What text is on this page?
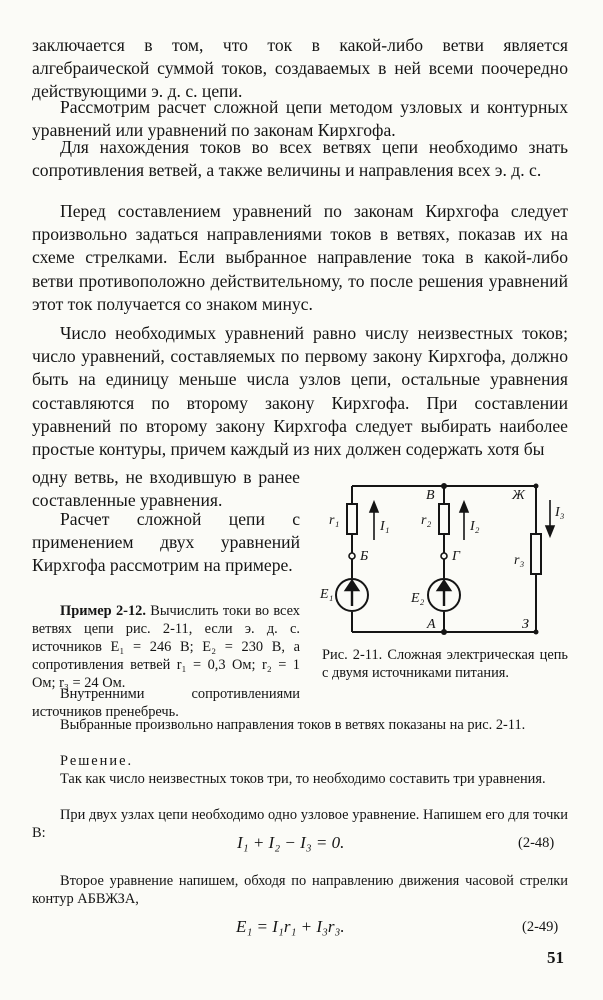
заключается в том, что ток в какой-либо ветви является алгебраической суммой токов, создаваемых в ней всеми поочередно действующими э. д. с. цепи.

Рассмотрим расчет сложной цепи методом узловых и контурных уравнений или уравнений по законам Кирхгофа.

Для нахождения токов во всех ветвях цепи необходимо знать сопротивления ветвей, а также величины и направления всех э. д. с.

Перед составлением уравнений по законам Кирхгофа следует произвольно задаться направлениями токов в ветвях, показав их на схеме стрелками. Если выбранное направление тока в какой-либо ветви противоположно действительному, то после решения уравнений этот ток получается со знаком минус.

Число необходимых уравнений равно числу неизвестных токов; число уравнений, составляемых по первому закону Кирхгофа, должно быть на единицу меньше числа узлов цепи, остальные уравнения составляются по второму закону Кирхгофа. При составлении уравнений по второму закону Кирхгофа следует выбирать наиболее простые контуры, причем каждый из них должен содержать хотя бы

одну ветвь, не входившую в ранее составленные уравнения.

Расчет сложной цепи с применением двух уравнений Кирхгофа рассмотрим на примере.

Пример 2-12. Вычислить токи во всех ветвях цепи рис. 2-11, если э. д. с. источников E₁ = 246 В; E₂ = 230 В, а сопротивления ветвей r₁ = 0,3 Ом; r₂ = 1 Ом; r₃ = 24 Ом.

Внутренними сопротивлениями источников пренебречь.

В	Ж
Б	Г
А	З
r₁	r₂
r₃
I₁	I₂
I₃
E₁	E₂

Рис. 2-11. Сложная электрическая цепь с двумя источниками питания.

Выбранные произвольно направления токов в ветвях показаны на рис. 2-11.

Решение.

Так как число неизвестных токов три, то необходимо составить три уравнения.

При двух узлах цепи необходимо одно узловое уравнение. Напишем его для точки В:	I₁ + I₂ − I₃ = 0.	(2-48)

Второе уравнение напишем, обходя по направлению движения часовой стрелки контур АБВЖЗА,

E₁ = I₁r₁ + I₃r₃.	(2-49)
51
